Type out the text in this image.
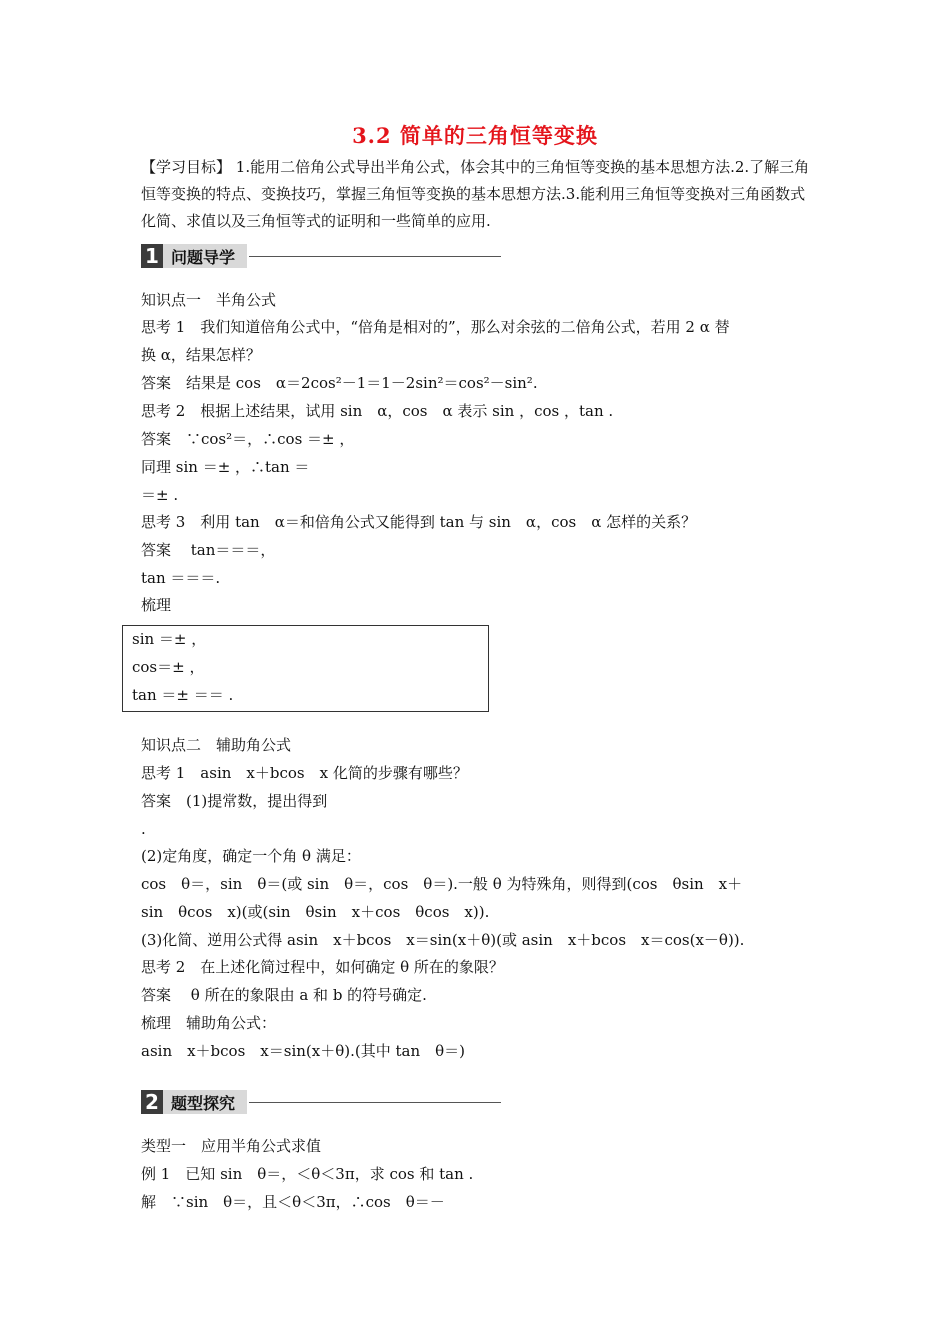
3.2 简单的三角恒等变换
【学习目标】 1.能用二倍角公式导出半角公式，体会其中的三角恒等变换的基本思想方法.2.了解三角恒等变换的特点、变换技巧，掌握三角恒等变换的基本思想方法.3.能利用三角恒等变换对三角函数式化简、求值以及三角恒等式的证明和一些简单的应用.
1 问题导学
知识点一　半角公式
思考 1　我们知道倍角公式中，“倍角是相对的”，那么对余弦的二倍角公式，若用 2 α 替
换 α，结果怎样？
答案　结果是 cos　α＝2cos²－1＝1－2sin²＝cos²－sin².
思考 2　根据上述结果，试用 sin　α，cos　α 表示 sin ，cos ，tan .
答案　∵cos²＝，∴cos ＝± ，
同理 sin ＝± ，∴tan ＝
＝± .
思考 3　利用 tan　α＝和倍角公式又能得到 tan 与 sin　α，cos　α 怎样的关系？
答案　 tan＝＝＝，
tan ＝＝＝.
梳理
sin ＝± ，
cos＝± ，
tan ＝± ＝＝ .
知识点二　辅助角公式
思考 1　asin　x＋bcos　x 化简的步骤有哪些？
答案　(1)提常数，提出得到
.
(2)定角度，确定一个角 θ 满足：
cos　θ＝，sin　θ＝(或 sin　θ＝，cos　θ＝).一般 θ 为特殊角，则得到(cos　θsin　x＋
sin　θcos　x)(或(sin　θsin　x＋cos　θcos　x)).
(3)化简、逆用公式得 asin　x＋bcos　x＝sin(x＋θ)(或 asin　x＋bcos　x＝cos(x－θ)).
思考 2　在上述化简过程中，如何确定 θ 所在的象限？
答案　 θ 所在的象限由 a 和 b 的符号确定.
梳理　辅助角公式：
asin　x＋bcos　x＝sin(x＋θ).(其中 tan　θ＝)
2 题型探究
类型一　应用半角公式求值
例 1　已知 sin　θ＝，＜θ＜3π，求 cos 和 tan .
解　∵sin　θ＝，且＜θ＜3π，∴cos　θ＝－
